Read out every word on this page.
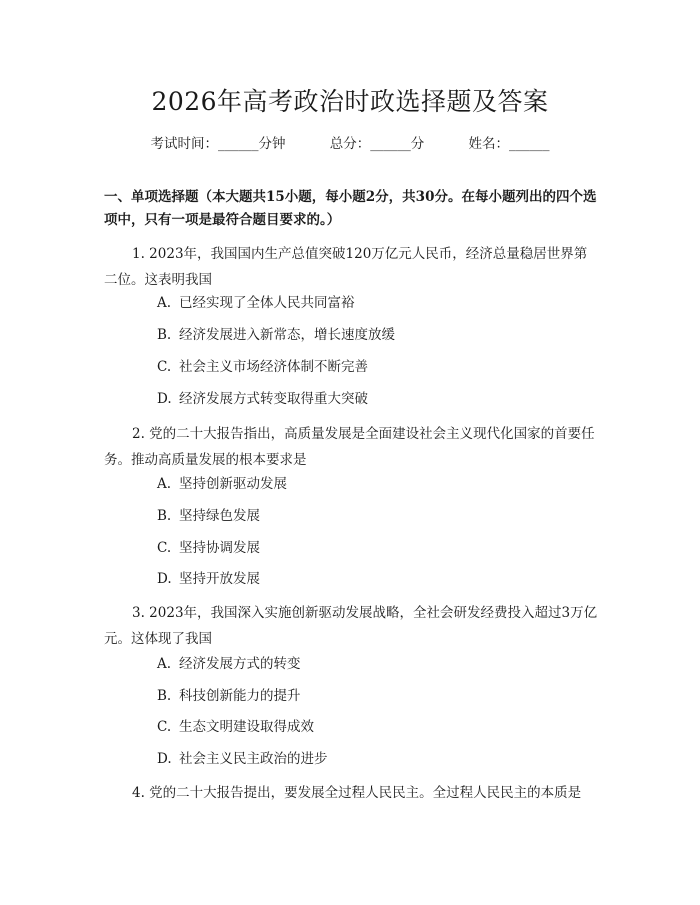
2026年高考政治时政选择题及答案
考试时间：______分钟	总分：______分	姓名：______
一、单项选择题（本大题共15小题，每小题2分，共30分。在每小题列出的四个选项中，只有一项是最符合题目要求的。）
1. 2023年，我国国内生产总值突破120万亿元人民币，经济总量稳居世界第二位。这表明我国
A. 已经实现了全体人民共同富裕
B. 经济发展进入新常态，增长速度放缓
C. 社会主义市场经济体制不断完善
D. 经济发展方式转变取得重大突破
2. 党的二十大报告指出，高质量发展是全面建设社会主义现代化国家的首要任务。推动高质量发展的根本要求是
A. 坚持创新驱动发展
B. 坚持绿色发展
C. 坚持协调发展
D. 坚持开放发展
3. 2023年，我国深入实施创新驱动发展战略，全社会研发经费投入超过3万亿元。这体现了我国
A. 经济发展方式的转变
B. 科技创新能力的提升
C. 生态文明建设取得成效
D. 社会主义民主政治的进步
4. 党的二十大报告提出，要发展全过程人民民主。全过程人民民主的本质是
